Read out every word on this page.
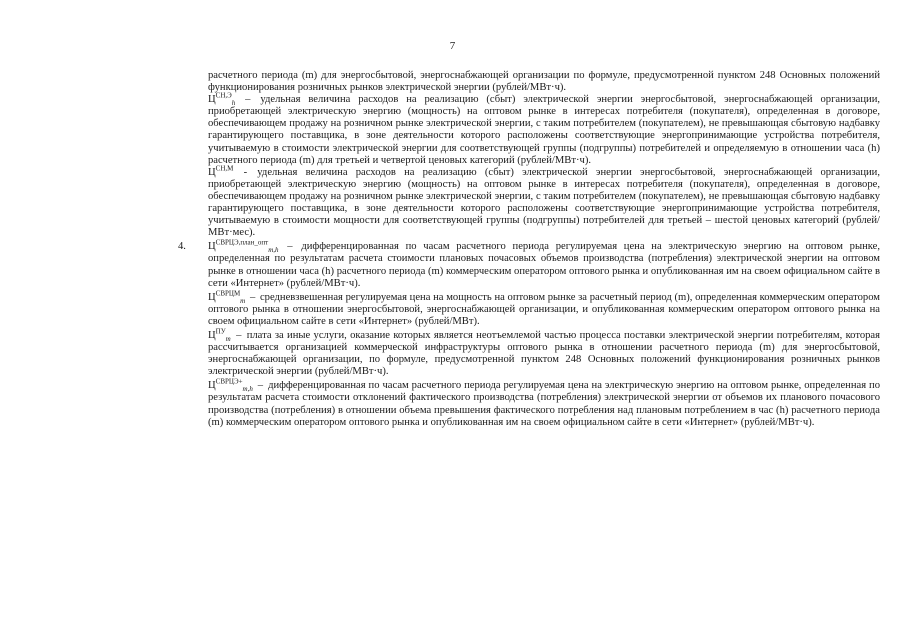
7

расчетного периода (m) для энергосбытовой, энергоснабжающей организации по формуле, предусмотренной пунктом 248 Основных положений функционирования розничных рынков электрической энергии (рублей/МВт·ч).

$Ц^{СН,Э}_h$ – удельная величина расходов на реализацию (сбыт) электрической энергии энергосбытовой, энергоснабжающей организации, приобретающей электрическую энергию (мощность) на оптовом рынке в интересах потребителя (покупателя), определенная в договоре, обеспечивающем продажу на розничном рынке электрической энергии, с таким потребителем (покупателем), не превышающая сбытовую надбавку гарантирующего поставщика, в зоне деятельности которого расположены соответствующие энергопринимающие устройства потребителя, учитываемую в стоимости электрической энергии для соответствующей группы (подгруппы) потребителей и определяемую в отношении часа (h) расчетного периода (m) для третьей и четвертой ценовых категорий (рублей/МВт·ч).

$Ц^{СН,М}$ - удельная величина расходов на реализацию (сбыт) электрической энергии энергосбытовой, энергоснабжающей организации, приобретающей электрическую энергию (мощность) на оптовом рынке в интересах потребителя (покупателя), определенная в договоре, обеспечивающем продажу на розничном рынке электрической энергии, с таким потребителем (покупателем), не превышающая сбытовую надбавку гарантирующего поставщика, в зоне деятельности которого расположены соответствующие энергопринимающие устройства потребителя, учитываемую в стоимости мощности для соответствующей группы (подгруппы) потребителей для третьей – шестой ценовых категорий (рублей/МВт·мес).

4. $Ц^{СВРЦЭ,план\_опт}_{m,h}$ – дифференцированная по часам расчетного периода регулируемая цена на электрическую энергию на оптовом рынке, определенная по результатам расчета стоимости плановых почасовых объемов производства (потребления) электрической энергии на оптовом рынке в отношении часа (h) расчетного периода (m) коммерческим оператором оптового рынка и опубликованная им на своем официальном сайте в сети «Интернет» (рублей/МВт·ч).

$Ц^{СВРЦМ}_m$ – средневзвешенная регулируемая цена на мощность на оптовом рынке за расчетный период (m), определенная коммерческим оператором оптового рынка в отношении энергосбытовой, энергоснабжающей организации, и опубликованная коммерческим оператором оптового рынка на своем официальном сайте в сети «Интернет» (рублей/МВт).

$Ц^{ПУ}_m$ – плата за иные услуги, оказание которых является неотъемлемой частью процесса поставки электрической энергии потребителям, которая рассчитывается организацией коммерческой инфраструктуры оптового рынка в отношении расчетного периода (m) для энергосбытовой, энергоснабжающей организации, по формуле, предусмотренной пунктом 248 Основных положений функционирования розничных рынков электрической энергии (рублей/МВт·ч).

$Ц^{СВРЦЭ+}_{m,h}$ – дифференцированная по часам расчетного периода регулируемая цена на электрическую энергию на оптовом рынке, определенная по результатам расчета стоимости отклонений фактического производства (потребления) электрической энергии от объемов их планового почасового производства (потребления) в отношении объема превышения фактического потребления над плановым потреблением в час (h) расчетного периода (m) коммерческим оператором оптового рынка и опубликованная им на своем официальном сайте в сети «Интернет» (рублей/МВт·ч).
